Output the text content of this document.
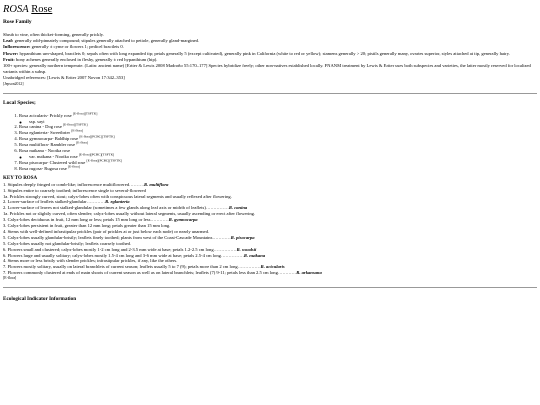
ROSA Rose
Rose Family

Shrub to vine, often thicket-forming, generally prickly.

Leaf: generally odd-pinnately compound; stipules generally attached to petiole, generally gland-margined.

Inflorescence: generally ± cyme or flowers 1; pedicel bractlets 0.

Flower: hypanthium urn-shaped, bractlets 0; sepals often with long expanded tip; petals generally 5 (except cultivated), generally pink in California (white to red or yellow); stamens generally > 20; pistils generally many, ovaries superior, styles attached at tip, generally hairy.

Fruit: bony achenes generally enclosed in fleshy, generally ± red hypanthium (hip).

100+ species: generally northern temperate. (Latin: ancient name) [Ertter & Lewis 2008 Madroño 55:170–177] Species hybridize freely; other non-natives established locally. FNANM treatment by Lewis & Ertter uses both subspecies and varieties, the latter mostly reserved for localized variants within a subsp.

Unabridged references: [Lewis & Ertter 2007 Novon 17:342–353]

[Jepson2012]
Local Species;
1. Rosa acicularis- Prickly rose [E-flora][TSFTK]
◦ ssp. sayi
2. Rosa canina - Dog rose [E-flora][TSFTK]
3. Rosa eglanteria- Sweetbrier [E-flora]
4. Rosa gymnocarpa- Baldhip rose [E-flora][PCBC][TSFTK]
5. Rosa multiflora- Rambler rose [E-flora]
6. Rosa nutkana - Nootka rose
◦ var. nutkana - Nootka rose [E-flora][PCBC][TSFTK]
7. Rosa pisocarpa- Clustered wild rose [E-flora][PCBC][TSFTK]
8. Rosa rugosa- Rugosa rose [E-flora]
KEY TO ROSA
1. Stipules deeply fringed or comb-like; inflorescence multiflowered……….R. multiflora
1. Stipules entire to coarsely toothed; inflorescence single to several-flowered
1a. Prickles strongly curved, stout; calyx-lobes often with conspicuous lateral segments and usually reflexed after flowering.
2. Lower-surface of leaflets stalked-glandular…………R. eglanteria
2. Lower-surface of leaves not stalked-glandular (sometimes a few glands along leaf axis or midrib of leaflets)……………R. canina
1a. Prickles not or slightly curved, often slender; calyx-lobes usually without lateral segments, usually ascending or erect after flowering.
3. Calyx-lobes deciduous in fruit, 12 mm long or less; petals 15 mm long or less…………R. gymnocarpa
3. Calyx-lobes persistent in fruit, greater than 12 mm long; petals greater than 15 mm long.
4. Stems with well-defined infrastipular prickles (pair of prickles at or just below each node) or nearly unarmed.
5. Calyx-lobes usually glandular-bristly; leaflets finely toothed; plants from west of the Coast-Cascade Mountains…………R. pisocarpa
5. Calyx-lobes usually not glandular-bristly; leaflets coarsely toothed.
6. Flowers small and clustered; calyx-lobes mostly 1-2 cm long and 2-3.5 mm wide at base; petals 1.2-2.5 cm long……………R. woodsii
6. Flowers large and usually solitary; calyx-lobes mostly 1.5-4 cm long and 3-6 mm wide at base; petals 2.5-4 cm long……………R. nutkana
4. Stems more or less bristly with slender prickles; infrastipular prickles, if any, like the others.
7. Flowers mostly solitary, usually on lateral branchlets of current season; leaflets usually 5 to 7 (9); petals more than 2 cm long……………R. acicularis
7. Flowers commonly clustered at ends of main shoots of current season as well as on lateral branchlets; leaflets (7) 9-11; petals less than 2.5 cm long…………R. arkansana
[E-flora]
Ecological Indicator Information
